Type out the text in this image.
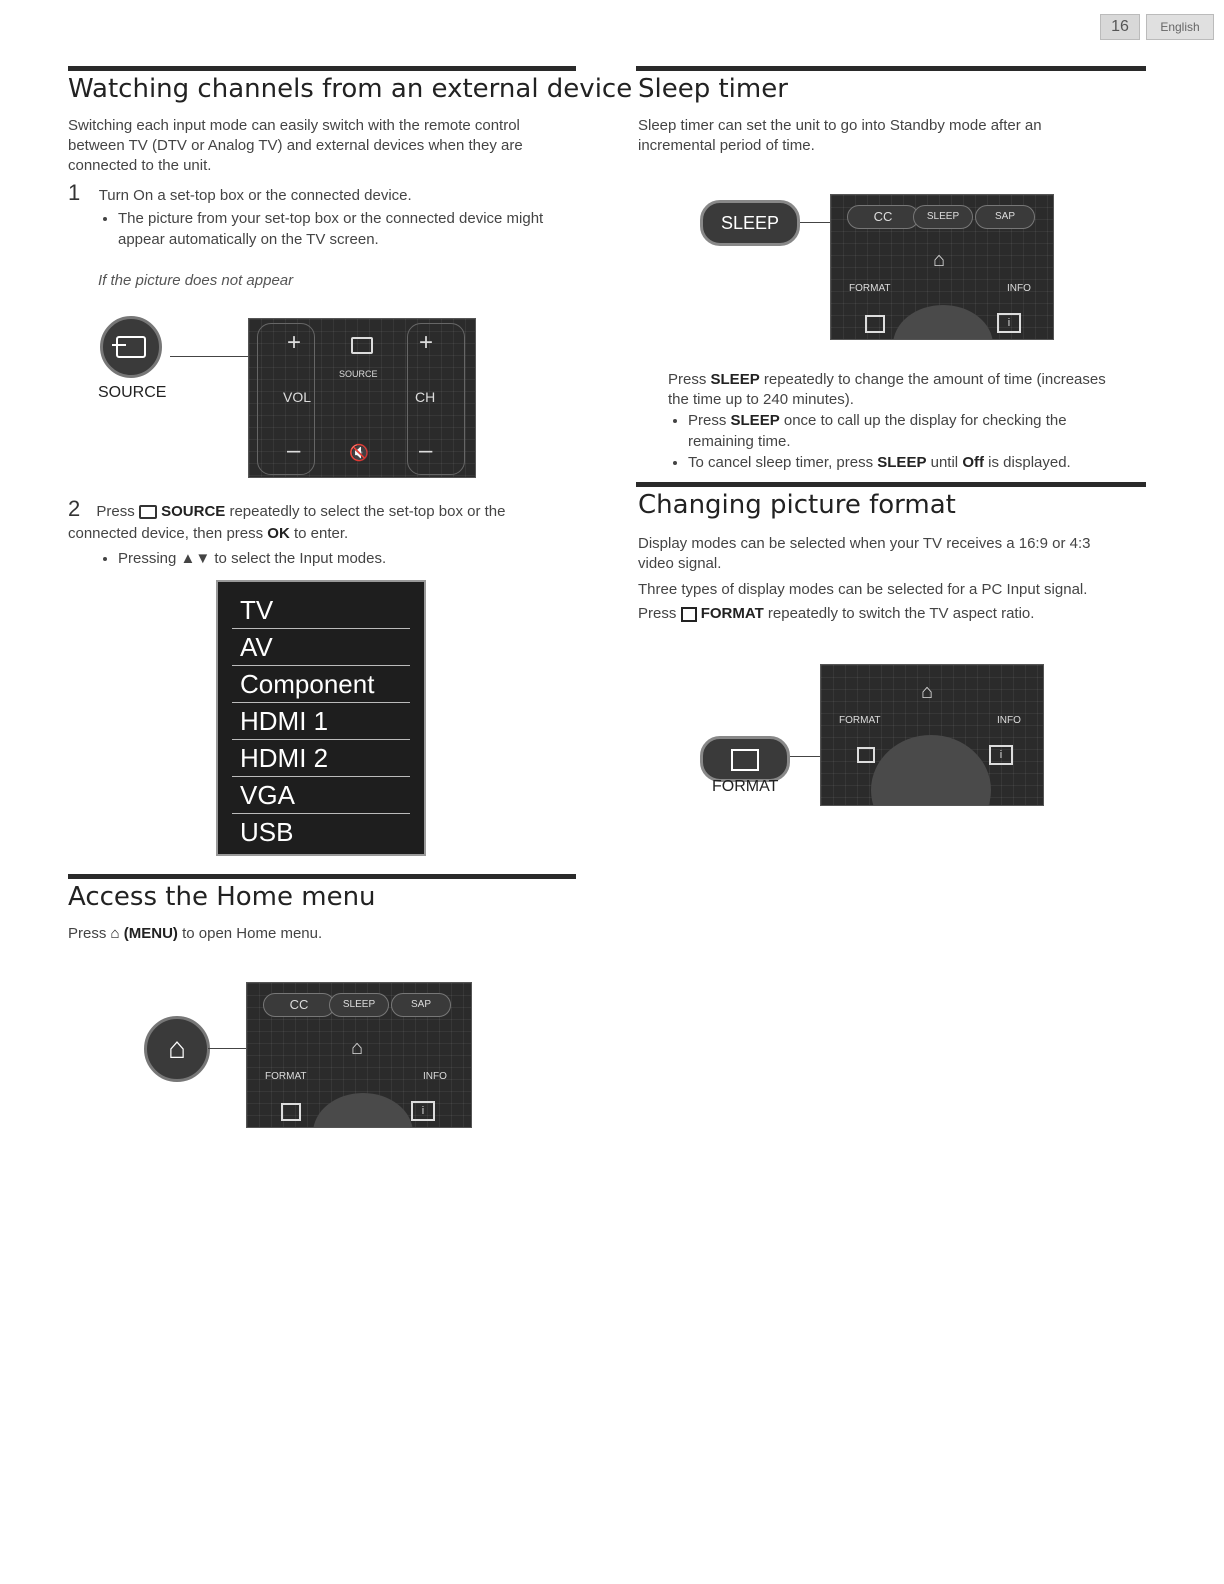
16	English
Watching channels from an external device

Switching each input mode can easily switch with the remote control between TV (DTV or Analog TV) and external devices when they are connected to the unit.

1 Turn On a set-top box or the connected device.
• The picture from your set-top box or the connected device might appear automatically on the TV screen.

If the picture does not appear

SOURCE
+	+
SOURCE
VOL	CH
–	🔇 –
2 Press SOURCE repeatedly to select the set-top box or the connected device, then press OK to enter.
• Pressing ▲▼ to select the Input modes.
TV
AV
Component
HDMI 1
HDMI 2
VGA
USB
Access the Home menu
Press ⌂ (MENU) to open Home menu.
⌂
CC	SLEEP	SAP
⌂
FORMAT	INFO
i
Sleep timer

Sleep timer can set the unit to go into Standby mode after an incremental period of time.

SLEEP	CC	SLEEP	SAP
⌂
FORMAT	INFO
i
Press SLEEP repeatedly to change the amount of time (increases the time up to 240 minutes).
• Press SLEEP once to call up the display for checking the remaining time.
• To cancel sleep timer, press SLEEP until Off is displayed.
Changing picture format

Display modes can be selected when your TV receives a 16:9 or 4:3 video signal.

Three types of display modes can be selected for a PC Input signal.

Press FORMAT repeatedly to switch the TV aspect ratio.
FORMAT
⌂
FORMAT	INFO
i
